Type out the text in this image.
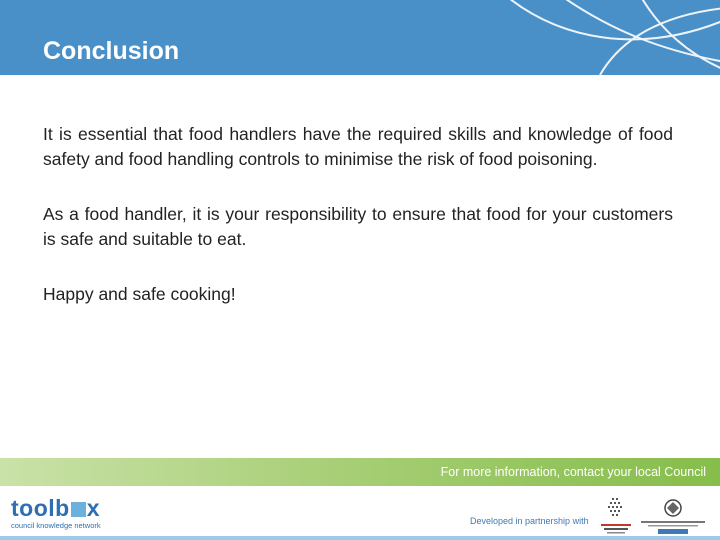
Conclusion

It is essential that food handlers have the required skills and knowledge of food safety and food handling controls to minimise the risk of food poisoning.

As a food handler, it is your responsibility to ensure that food for your customers is safe and suitable to eat.

Happy and safe cooking!

For more information, contact your local Council
toolb x
council knowledge network	Developed in partnership with
